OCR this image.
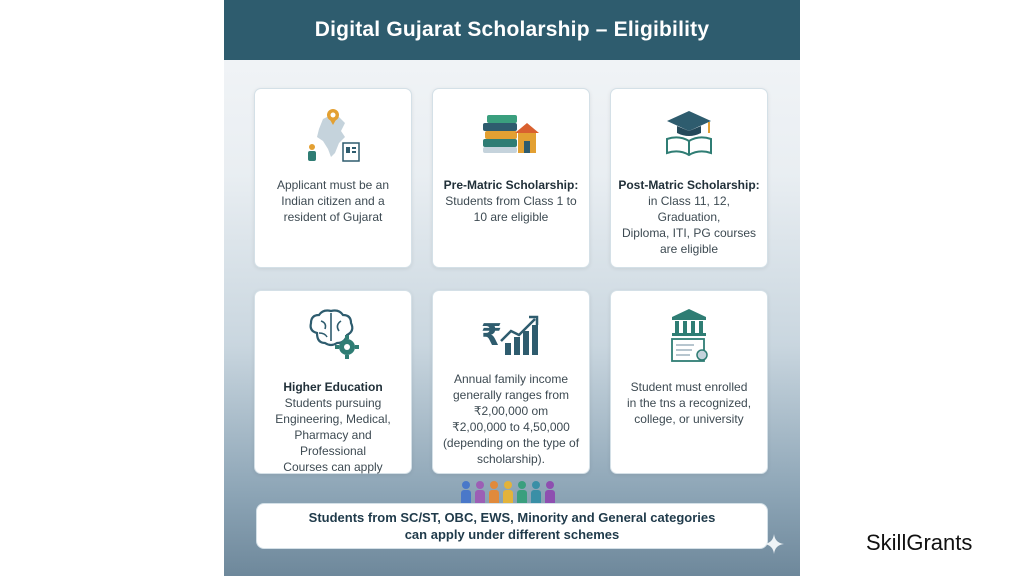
Digital Gujarat Scholarship – Eligibility
Applicant must be an
Indian citizen and a
resident of Gujarat
Pre-Matric Scholarship:
Students from Class 1 to
10 are eligible
Post-Matric Scholarship:
in Class 11, 12, Graduation,
Diploma, ITI, PG courses
are eligible
Higher Education
Students pursuing
Engineering, Medical,
Pharmacy and Professional
Courses can apply
₹
Annual family income
generally ranges from
₹2,00,000 om
₹2,00,000 to 4,50,000
(depending on the type of
scholarship).
Student must enrolled
in the tns a recognized,
college, or university
Students from SC/ST, OBC, EWS, Minority and General categories
can apply under different schemes	SkillGrants
